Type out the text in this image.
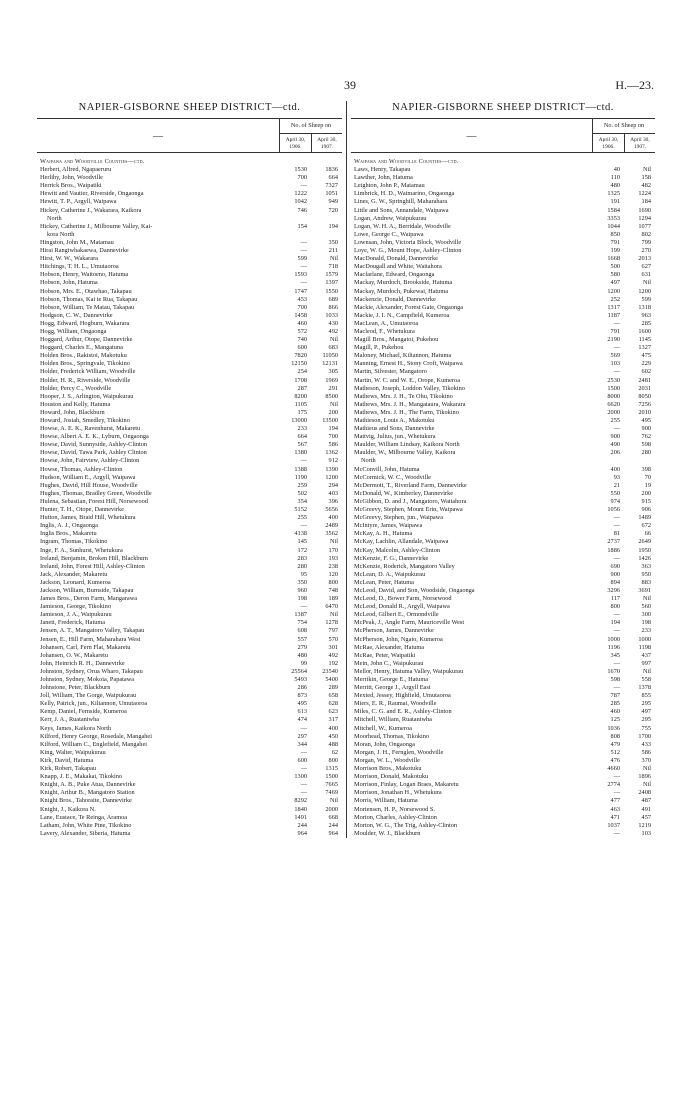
39	H.—23.
NAPIER-GISBORNE SHEEP DISTRICT—ctd.
—
No. of Sheep on
April 30, 1906.
April 30, 1907.
Waipawa and Woodville Counties—ctd.
Herbert, Alfred, Ngapaeruru	1530	1836
Herlihy, John, Woodville	700	664
Herrick Bros., Waipatiki	—	7327
Hewitt and Vautier, Riverside, Ongaonga	1222	1051
Hewitt, T. P., Argyll, Waipawa	1042	949
Hickey, Catherine J., Wakarara, Kaikora	746	720
North
Hickey, Catherine J., Milbourne Valley, Kai-	154	194
kora North
Hingston, John M., Matamau	—	350
Hirai Rangiwhakaewa, Dannevirke	—	211
Hirst, W. W., Wakarara	599	Nil
Hitchings, T. H. L., Umutaoroa	—	718
Hobson, Henry, Waitoeno, Hatuma	1593	1579
Hobson, John, Hatuma	—	1397
Hobson, Mrs. E., Otawhao, Takapau	1747	1550
Hobson, Thomas, Kai te Rua, Takapau	453	689
Hobson, William, Te Matau, Takapau	700	866
Hodgson, C. W., Dannevirke	1458	1033
Hogg, Edward, Hogburn, Wakarara	460	430
Hogg, William, Ongaonga	572	492
Hoggard, Arthur, Otope, Dannevirke	740	Nil
Hoggard, Charles E., Mangatuna	600	683
Holden Bros., Rakistoi, Makotuku	7820	11050
Holden Bros., Springvale, Tikokino	12150	12131
Holder, Frederick William, Woodville	254	305
Holder, H. R., Riverside, Woodville	1708	1969
Holder, Percy C., Woodville	287	291
Hooper, J. S., Arlington, Waipukurau	8200	8500
Houston and Kelly, Hatuma	1105	Nil
Howard, John, Blackburn	175	200
Howard, Josiah, Smedley, Tikokino	13000	13500
Howse, A. E. K., Ravenhurst, Makaretu	233	194
Howse, Albert A. E. K., Lyburn, Ongaonga	664	700
Howse, David, Sunnyside, Ashley-Clinton	567	586
Howse, David, Tawa Park, Ashley Clinton	1380	1362
Howse, John, Fairview, Ashley-Clinton	—	912
Howse, Thomas, Ashley-Clinton	1388	1390
Hudson, William E., Argyll, Waipawa	1190	1200
Hughes, David, Hill House, Woodville	259	294
Hughes, Thomas, Bradley Green, Woodville	502	403
Hulena, Sebastian, Forest Hill, Norsewood	354	396
Hunter, T. H., Otope, Dannevirke	5152	5656
Hutton, James, Braid Hill, Whetukura	255	400
Inglis, A. J., Ongaonga	—	2489
Inglis Bros., Makaretu	4138	3562
Ingram, Thomas, Tikokino	145	Nil
Inge, F. A., Sunhurst, Whetukura	172	170
Ireland, Benjamin, Broken Hill, Blackburn	283	193
Ireland, John, Forest Hill, Ashley-Clinton	280	238
Jack, Alexander, Makaretu	95	120
Jackson, Leonard, Kumeroa	350	800
Jackson, William, Burnside, Takapau	960	748
James Bros., Deron Farm, Mangarawa	198	189
Jamieson, George, Tikokino	—	6470
Jamieson, J. A., Waipukurau	1387	Nil
Janett, Frederick, Hatuma	754	1278
Jensen, A. T., Mangatoro Valley, Takapau	608	797
Jensen, E., Hill Farm, Maharahara West	557	570
Johansen, Carl, Fern Flat, Makaretu	279	301
Johansen, O. W., Makaretu	480	492
John, Heinrich R. H., Dannevirke	99	192
Johnston, Sydney, Oruа Wharo, Takapau	25564	23540
Johnston, Sydney, Mokoia, Papatawa	5493	5400
Johnstone, Peter, Blackburn	286	289
Joll, William, The Gorge, Waipukurau	873	658
Kelly, Patrick, jun., Kiltannon, Umutaoroa	495	628
Kemp, Daniel, Fernside, Kumeroa	613	623
Kerr, J. A., Ruataniwha	474	317
Keys, James, Kaikora North	—	400
Kilford, Henry George, Rosedale, Mangahei	297	450
Kilford, William C., Englefield, Mangahei	344	488
King, Walter, Waipukurau	—	62
Kirk, David, Hatuma	600	800
Kirk, Robert, Takapau	—	1315
Knapp, J. E., Makakai, Tikokino	1300	1500
Knight, A. B., Puke Atua, Dannevirke	—	7665
Knight, Arthur B., Mangatoro Station	—	7469
Knight Bros., Tahoraite, Dannevirke	8292	Nil
Knight, J., Kaikora N.	1840	2000
Lane, Eustace, Te Reinga, Aramoa	1491	668
Latham, John, White Pine, Tikokino	244	244
Lavery, Alexander, Siberia, Hatuma	964	964
NAPIER-GISBORNE SHEEP DISTRICT—ctd.
—
No. of Sheep on
April 30, 1906.
April 30, 1907.
Waipawa and Woodville Counties—ctd.
Laws, Henry, Takapau	40	Nil
Lawther, John, Hatuma	110	158
Leighton, John P., Matamau	480	482
Limbrick, H. D., Waimarino, Ongaonga	1325	1224
Lines, G. W., Springhill, Maharahara	191	184
Little and Sons, Annandale, Waipawa	1584	1690
Logan, Andrew, Waipukurau	3353	1294
Logan, W. H. A., Berridale, Woodville	1044	1077
Lowe, George C., Waipawa	850	802
Lownsan, John, Victoria Block, Woodville	791	799
Loye, W. G., Mount Hope, Ashley-Clinton	199	270
MacDonald, Donald, Dannevirke	1668	2013
MacDougall and White, Waitahora	500	627
Macfarlane, Edward, Ongaonga	580	631
Mackay, Murdoch, Brookside, Hatuma	497	Nil
Mackay, Murdoch, Pukewai, Hatuma	1200	1200
Mackenzie, Donald, Dannevirke	252	599
Mackie, Alexander, Forest Gate, Ongaonga	1317	1318
Mackie, J. I. N., Campfield, Kumeroa	1187	963
MacLean, A., Umutaoroa	—	285
Macleod, F., Whetukura	791	1600
Magill Bros., Mangatoi, Pukehou	2190	1145
Magill, P., Pukehou	—	1327
Maloney, Michael, Kiltannon, Hatuma	569	475
Manning, Ernest H., Stony Croft, Waipawa	103	229
Martin, Silvester, Mangatoro	—	602
Martin, W. C. and W. E., Orope, Kumeroa	2530	2481
Matheson, Joseph, Loddon Valley, Tikokino	1500	2031
Mathews, Mrs. J. H., Te Ohu, Tikokino	8000	8050
Mathews, Mrs. J. H., Mangataura, Wakarara	6620	7256
Mathews, Mrs. J. H., The Farm, Tikokino	2000	2010
Mathieson, Louis A., Makotuku	255	495
Mathieus and Sons, Dannevirke	—	900
Mattvig, Julius, jun., Whetukura	900	762
Maulder, William Lindsay, Kaikora North	490	598
Maulder, W., Milbourne Valley, Kaikora	206	280
North
McConvill, John, Hatuma	400	398
McCormick, W. C., Woodville	93	70
McDermott, T., Riverland Farm, Dannevirke	21	19
McDonald, W., Kimberley, Dannevirke	550	200
McGibbon, D. and J., Mangatoro, Waitahora	974	915
McGreevy, Stephen, Mount Erin, Waipawa	1056	906
McGreevy, Stephen, jun., Waipawa	—	1489
McIntyre, James, Waipawa	—	672
McKay, A. H., Hatuma	81	66
McKay, Lachlin, Allandale, Waipawa	2737	2649
McKay, Malcolm, Ashley-Clinton	1886	1950
McKenzie, F. G., Dannevirke	—	1426
McKenzie, Roderick, Mangatoro Valley	690	363
McLean, D. A., Waipukurau	900	950
McLean, Peter, Hatuma	894	883
McLeod, David, and Son, Woodside, Ongaonga	3296	3691
McLeod, D., Bower Farm, Norsewood	117	Nil
McLeod, Donald R., Argyll, Waipawa	800	560
McLeod, Gilbert E., Ormondville	—	300
McPeak, J., Angle Farm, Mauriceville West	194	198
McPherson, James, Dannevirke	—	233
McPherson, John, Ngaio, Kumeroa	1000	1000
McRae, Alexander, Hatuma	1196	1198
McRae, Peter, Waipatiki	345	437
Mein, John C., Waipukurau	—	997
Mellor, Henry, Hatuma Valley, Waipukurau	1670	Nil
Merrikin, George E., Hatuma	598	558
Merritt, George J., Argyll East	—	1378
Mexted, Jessey, Highfield, Umutaoroa	787	855
Miers, E. R., Raumai, Woodville	285	295
Miles, C. G. and E. R., Ashley-Clinton	460	497
Mitchell, William, Ruataniwha	125	295
Mitchell, W., Kumeroa	1036	755
Moorhead, Thomas, Tikokino	808	1700
Moran, John, Ongaonga	479	433
Morgan, J. H., Fernglen, Woodville	512	586
Morgan, W. L., Woodville	476	370
Morrison Bros., Makotuku	4660	Nil
Morrison, Donald, Makotuku	—	1896
Morrison, Finlay, Logan Braes, Makaretu	2774	Nil
Morrison, Jonathan H., Whetukura	—	2408
Morris, William, Hatuma	477	487
Mortensen, H. P., Norsewood S.	463	491
Morton, Charles, Ashley-Clinton	471	457
Morton, W. G., The Trig, Ashley-Clinton	1037	1219
Moulder, W. J., Blackburn	—	103
